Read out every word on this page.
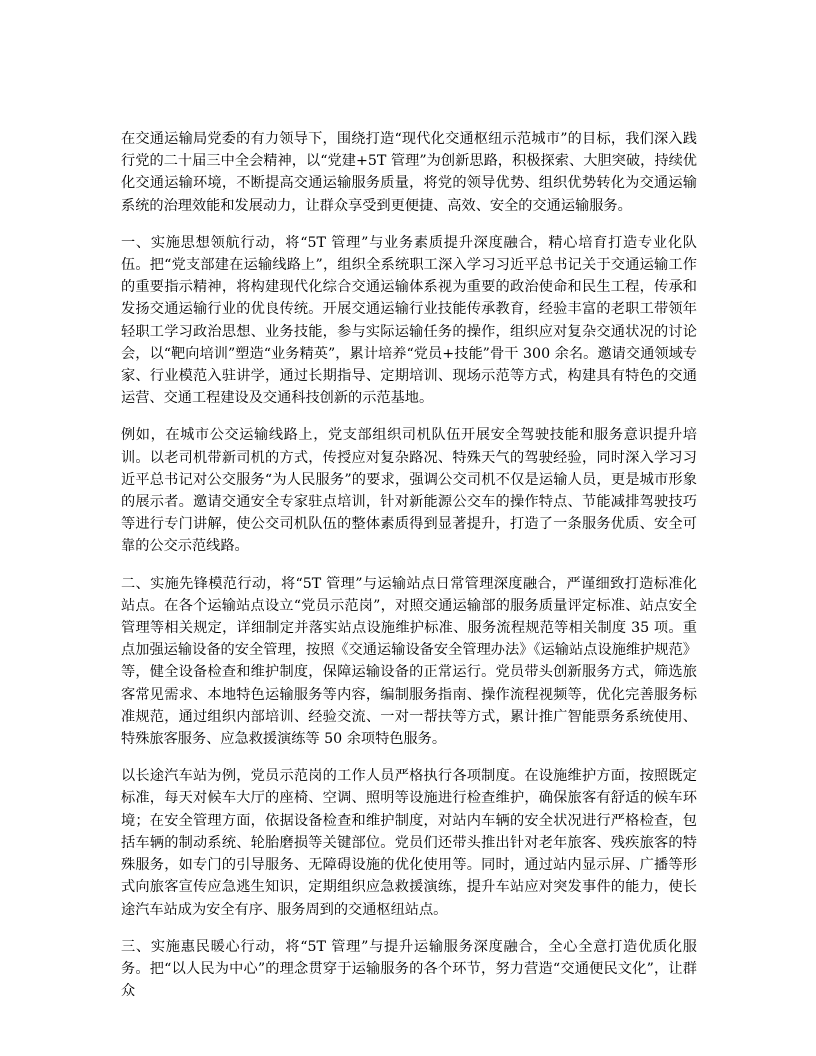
在交通运输局党委的有力领导下，围绕打造“现代化交通枢纽示范城市”的目标，我们深入践行党的二十届三中全会精神，以“党建+5T 管理”为创新思路，积极探索、大胆突破，持续优化交通运输环境，不断提高交通运输服务质量，将党的领导优势、组织优势转化为交通运输系统的治理效能和发展动力，让群众享受到更便捷、高效、安全的交通运输服务。

一、实施思想领航行动，将“5T 管理”与业务素质提升深度融合，精心培育打造专业化队伍。把“党支部建在运输线路上”，组织全系统职工深入学习习近平总书记关于交通运输工作的重要指示精神，将构建现代化综合交通运输体系视为重要的政治使命和民生工程，传承和发扬交通运输行业的优良传统。开展交通运输行业技能传承教育，经验丰富的老职工带领年轻职工学习政治思想、业务技能，参与实际运输任务的操作，组织应对复杂交通状况的讨论会，以“靶向培训”塑造“业务精英”，累计培养“党员+技能”骨干 300 余名。邀请交通领域专家、行业模范入驻讲学，通过长期指导、定期培训、现场示范等方式，构建具有特色的交通运营、交通工程建设及交通科技创新的示范基地。

例如，在城市公交运输线路上，党支部组织司机队伍开展安全驾驶技能和服务意识提升培训。以老司机带新司机的方式，传授应对复杂路况、特殊天气的驾驶经验，同时深入学习习近平总书记对公交服务“为人民服务”的要求，强调公交司机不仅是运输人员，更是城市形象的展示者。邀请交通安全专家驻点培训，针对新能源公交车的操作特点、节能减排驾驶技巧等进行专门讲解，使公交司机队伍的整体素质得到显著提升，打造了一条服务优质、安全可靠的公交示范线路。

二、实施先锋模范行动，将“5T 管理”与运输站点日常管理深度融合，严谨细致打造标准化站点。在各个运输站点设立“党员示范岗”，对照交通运输部的服务质量评定标准、站点安全管理等相关规定，详细制定并落实站点设施维护标准、服务流程规范等相关制度 35 项。重点加强运输设备的安全管理，按照《交通运输设备安全管理办法》《运输站点设施维护规范》等，健全设备检查和维护制度，保障运输设备的正常运行。党员带头创新服务方式，筛选旅客常见需求、本地特色运输服务等内容，编制服务指南、操作流程视频等，优化完善服务标准规范，通过组织内部培训、经验交流、一对一帮扶等方式，累计推广智能票务系统使用、特殊旅客服务、应急救援演练等 50 余项特色服务。

以长途汽车站为例，党员示范岗的工作人员严格执行各项制度。在设施维护方面，按照既定标准，每天对候车大厅的座椅、空调、照明等设施进行检查维护，确保旅客有舒适的候车环境；在安全管理方面，依据设备检查和维护制度，对站内车辆的安全状况进行严格检查，包括车辆的制动系统、轮胎磨损等关键部位。党员们还带头推出针对老年旅客、残疾旅客的特殊服务，如专门的引导服务、无障碍设施的优化使用等。同时，通过站内显示屏、广播等形式向旅客宣传应急逃生知识，定期组织应急救援演练，提升车站应对突发事件的能力，使长途汽车站成为安全有序、服务周到的交通枢纽站点。

三、实施惠民暖心行动，将“5T 管理”与提升运输服务深度融合，全心全意打造优质化服务。把“以人民为中心”的理念贯穿于运输服务的各个环节，努力营造“交通便民文化”，让群众
